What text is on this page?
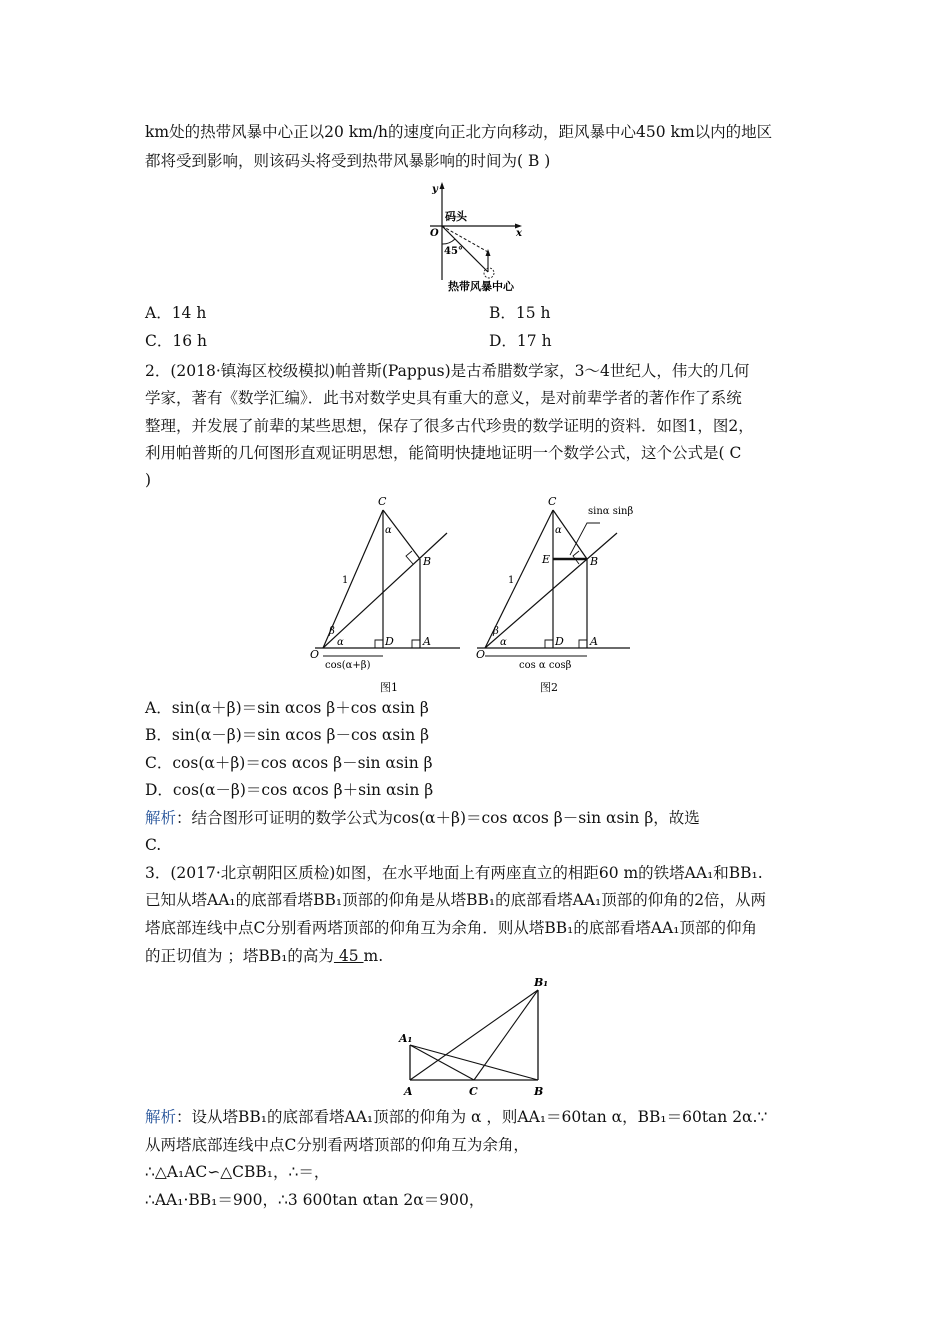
km处的热带风暴中心正以20 km/h的速度向正北方向移动，距风暴中心450 km以内的地区
都将受到影响，则该码头将受到热带风暴影响的时间为( B )
y
码头
O	x
45°
热带风暴中心
A．14 h	B．15 h
C．16 h	D．17 h
2．(2018·镇海区校级模拟)帕普斯(Pappus)是古希腊数学家，3～4世纪人，伟大的几何
学家，著有《数学汇编》．此书对数学史具有重大的意义，是对前辈学者的著作作了系统
整理，并发展了前辈的某些思想，保存了很多古代珍贵的数学证明的资料．如图1，图2，
利用帕普斯的几何图形直观证明思想，能简明快捷地证明一个数学公式，这个公式是( C
)
C
α
1
B
β
α
O
D	A
cos(α+β)
图1
C
sinα sinβ
α
E
1
B
β
α
O
D A
cos α cosβ
图2
A．sin(α＋β)＝sin αcos β＋cos αsin β
B．sin(α－β)＝sin αcos β－cos αsin β
C．cos(α＋β)＝cos αcos β－sin αsin β
D．cos(α－β)＝cos αcos β＋sin αsin β
解析：结合图形可证明的数学公式为cos(α＋β)＝cos αcos β－sin αsin β，故选
C.
3．(2017·北京朝阳区质检)如图，在水平地面上有两座直立的相距60 m的铁塔AA₁和BB₁.
已知从塔AA₁的底部看塔BB₁顶部的仰角是从塔BB₁的底部看塔AA₁顶部的仰角的2倍，从两
塔底部连线中点C分别看两塔顶部的仰角互为余角．则从塔BB₁的底部看塔AA₁顶部的仰角
的正切值为 ；塔BB₁的高为 45 m.
B₁
A₁
A	C	B
解析：设从塔BB₁的底部看塔AA₁顶部的仰角为 α ，则AA₁＝60tan α，BB₁＝60tan 2α.∵
从两塔底部连线中点C分别看两塔顶部的仰角互为余角，
∴△A₁AC∽△CBB₁，∴＝，
∴AA₁·BB₁＝900，∴3 600tan αtan 2α＝900，
